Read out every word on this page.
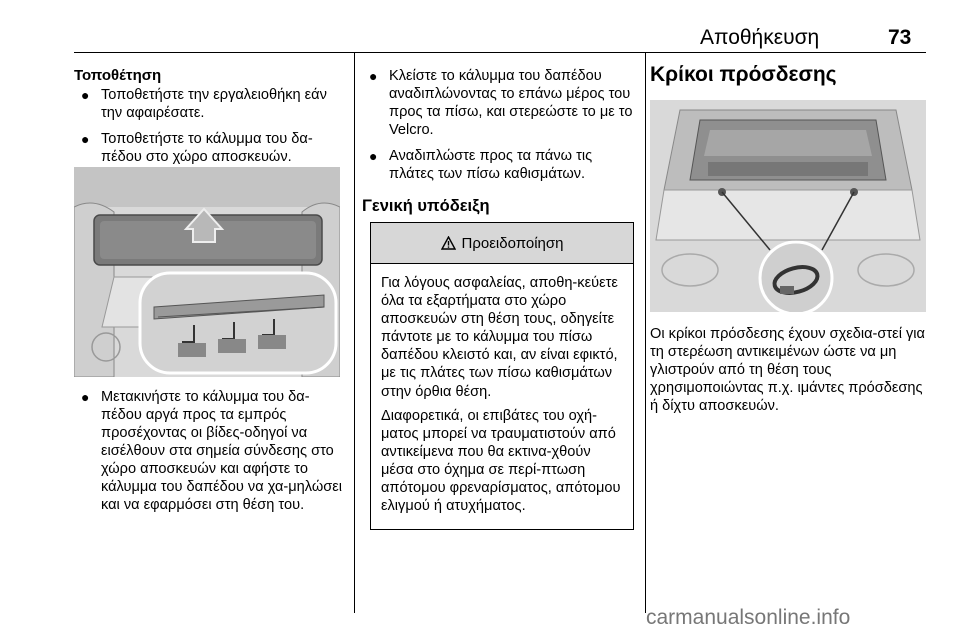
Αποθήκευση	73
Τοποθέτηση
● Τοποθετήστε την εργαλειοθήκη εάν την αφαιρέσατε.
● Τοποθετήστε το κάλυμμα του δα-πέδου στο χώρο αποσκευών.
● Μετακινήστε το κάλυμμα του δα-πέδου αργά προς τα εμπρός προσέχοντας οι βίδες-οδηγοί να εισέλθουν στα σημεία σύνδεσης στο χώρο αποσκευών και αφήστε το κάλυμμα του δαπέδου να χα-μηλώσει και να εφαρμόσει στη θέση του.
● Κλείστε το κάλυμμα του δαπέδου αναδιπλώνοντας το επάνω μέρος του προς τα πίσω, και στερεώστε το με το Velcro.
● Αναδιπλώστε προς τα πάνω τις πλάτες των πίσω καθισμάτων.
Γενική υπόδειξη
Προειδοποίηση

Για λόγους ασφαλείας, αποθη-κεύετε όλα τα εξαρτήματα στο χώρο αποσκευών στη θέση τους, οδηγείτε πάντοτε με το κάλυμμα του πίσω δαπέδου κλειστό και, αν είναι εφικτό, με τις πλάτες των πίσω καθισμάτων στην όρθια θέση.

Διαφορετικά, οι επιβάτες του οχή-ματος μπορεί να τραυματιστούν από αντικείμενα που θα εκτινα-χθούν μέσα στο όχημα σε περί-πτωση απότομου φρεναρίσματος, απότομου ελιγμού ή ατυχήματος.

Κρίκοι πρόσδεσης

Οι κρίκοι πρόσδεσης έχουν σχεδια-στεί για τη στερέωση αντικειμένων ώστε να μη γλιστρούν από τη θέση τους χρησιμοποιώντας π.χ. ιμάντες πρόσδεσης ή δίχτυ αποσκευών.

carmanualsonline.info
